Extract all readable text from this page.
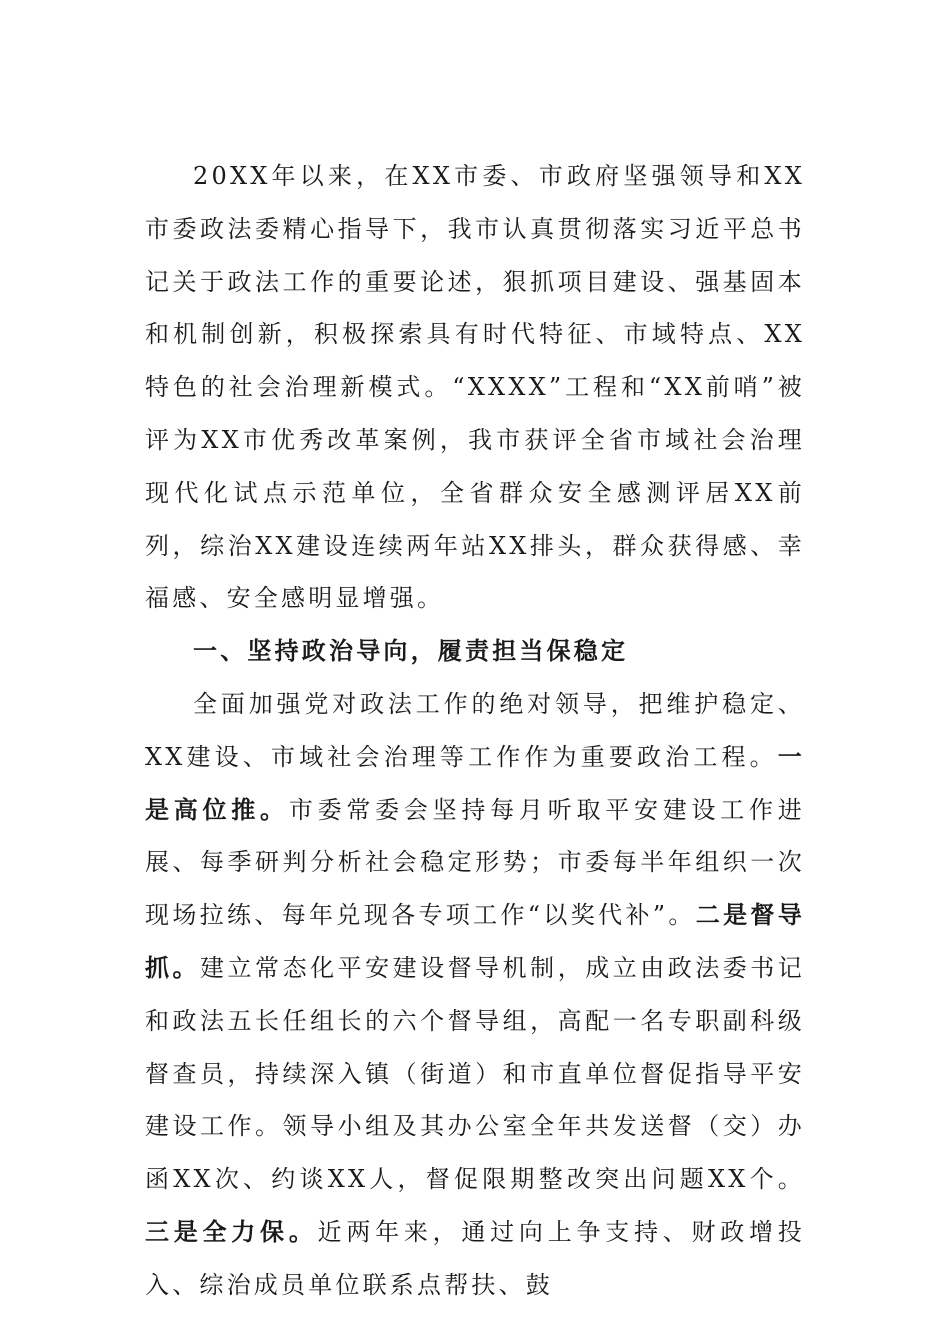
20XX年以来，在XX市委、市政府坚强领导和XX市委政法委精心指导下，我市认真贯彻落实习近平总书记关于政法工作的重要论述，狠抓项目建设、强基固本和机制创新，积极探索具有时代特征、市域特点、XX特色的社会治理新模式。“XXXX”工程和“XX前哨”被评为XX市优秀改革案例，我市获评全省市域社会治理现代化试点示范单位，全省群众安全感测评居XX前列，综治XX建设连续两年站XX排头，群众获得感、幸福感、安全感明显增强。

一、坚持政治导向，履责担当保稳定

全面加强党对政法工作的绝对领导，把维护稳定、XX建设、市域社会治理等工作作为重要政治工程。一是高位推。市委常委会坚持每月听取平安建设工作进展、每季研判分析社会稳定形势；市委每半年组织一次现场拉练、每年兑现各专项工作“以奖代补”。二是督导抓。建立常态化平安建设督导机制，成立由政法委书记和政法五长任组长的六个督导组，高配一名专职副科级督查员，持续深入镇（街道）和市直单位督促指导平安建设工作。领导小组及其办公室全年共发送督（交）办函XX次、约谈XX人，督促限期整改突出问题XX个。三是全力保。近两年来，通过向上争支持、财政增投入、综治成员单位联系点帮扶、鼓
